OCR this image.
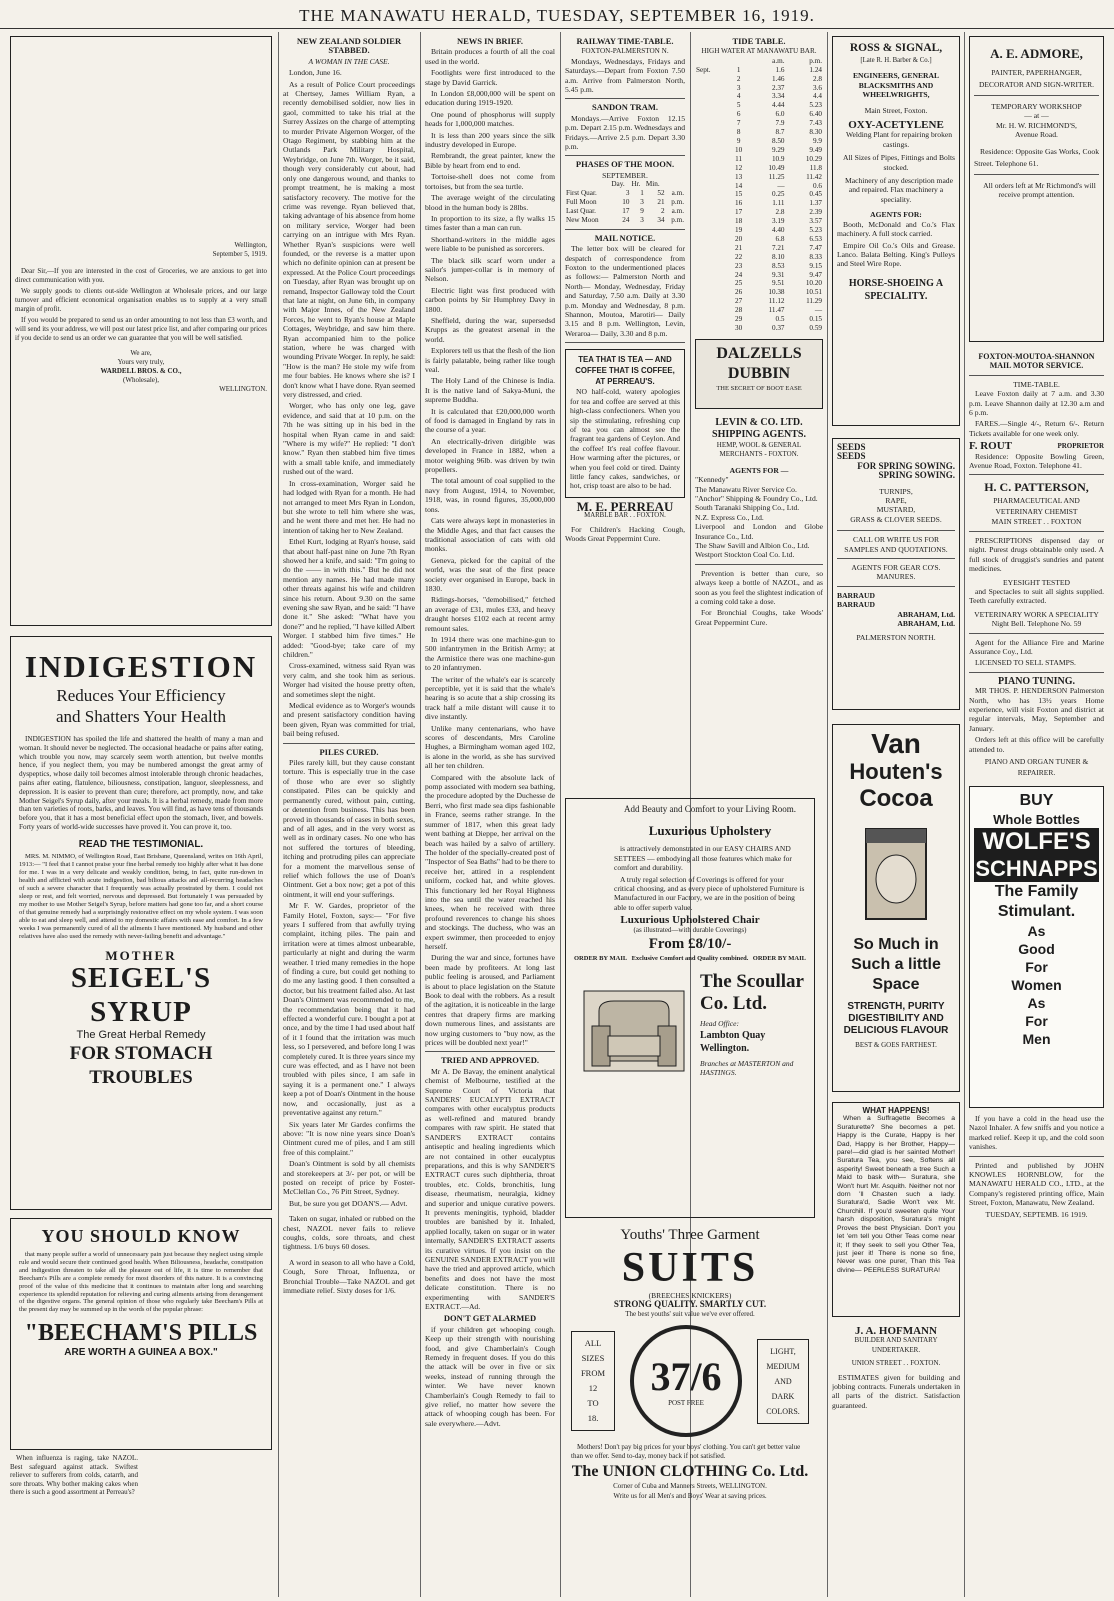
THE MANAWATU HERALD, TUESDAY, SEPTEMBER 16, 1919.
Wellington,
September 5, 1919.

Dear Sir,—If you are interested in the cost of Groceries, we are anxious to get into direct communication with you.

We supply goods to clients out-side Wellington at Wholesale prices, and our large turnover and efficient economical organisation enables us to supply at a very small margin of profit.

If you would be prepared to send us an order amounting to not less than £3 worth, and will send its your address, we will post our latest price list, and after comparing our prices if you decide to send us an order we can guarantee that you will be well satisfied.

We are,
Yours very truly,
WARDELL BROS. & CO.,
(Wholesale),
WELLINGTON.
INDIGESTION
Reduces Your Efficiency
and Shatters Your Health

INDIGESTION has spoiled the life and shattered the health of many a man and woman. It should never be neglected. The occasional headache or pains after eating, which trouble you now, may scarcely seem worth attention, but twelve months hence, if you neglect them, you may be numbered amongst the great army of dyspeptics, whose daily toil becomes almost intolerable through chronic headaches, pains after eating, flatulence, biliousness, constipation, languor, sleeplessness, and depression. It is easier to prevent than cure; therefore, act promptly, now, and take Mother Seigel's Syrup daily, after your meals. It is a herbal remedy, made from more than ten varieties of roots, barks, and leaves. You will find, as have tens of thousands before you, that it has a most beneficial effect upon the stomach, liver, and bowels. Forty years of world-wide successes have proved it. You can prove it, too.

READ THE TESTIMONIAL.

MRS. M. NIMMO, of Wellington Road, East Brisbane, Queensland, writes on 16th April, 1913:— "I feel that I cannot praise your fine herbal remedy too highly after what it has done for me. I was in a very delicate and weakly condition, being, in fact, quite run-down in health and afflicted with acute indigestion, bad bilious attacks and all-recurring headaches of such a severe character that I frequently was actually prostrated by them. I could not sleep or rest, and felt worried, nervous and depressed. But fortunately I was persuaded by my mother to use Mother Seigel's Syrup, before matters had gone too far, and a short course of that genuine remedy had a surprisingly restorative effect on my whole system. I was soon able to eat and sleep well, and attend to my domestic affairs with ease and comfort. In a few weeks I was permanently cured of all the ailments I have mentioned. My husband and other relatives have also used the remedy with never-failing benefit and advantage."

MOTHER
SEIGEL'S SYRUP
The Great Herbal Remedy
FOR STOMACH TROUBLES
YOU SHOULD KNOW

that many people suffer a world of unnecessary pain just because they neglect using simple rule and would secure their continued good health. When Biliousness, headache, constipation and indigestion threaten to take all the pleasure out of life, it is time to remember that Beecham's Pills are a complete remedy for most disorders of this nature. It is a convincing proof of the value of this medicine that it continues to maintain after long and searching experience its splendid reputation for relieving and curing ailments arising from derangement of the digestive organs. The general opinion of those who regularly take Beecham's Pills at the present day may be summed up in the words of the popular phrase:

"BEECHAM'S PILLS
ARE WORTH A GUINEA A BOX."

When influenza is raging, take NAZOL. Best safeguard against attack. Swiftest reliever to sufferers from colds, catarrh, and sore throats. Why bother making cakes when there is such a good assortment at Perreau's?

NEW ZEALAND SOLDIER STABBED.
A WOMAN IN THE CASE.

London, June 16.

As a result of Police Court proceedings at Chertsey, James William Ryan, a recently demobilised soldier, now lies in gaol, committed to take his trial at the Surrey Assizes on the charge of attempting to murder Private Algernon Worger, of the Otago Regiment, by stabbing him at the Outlands Park Military Hospital, Weybridge, on June 7th. Worger, be it said, though very considerably cut about, had only one dangerous wound, and thanks to prompt treatment, he is making a most satisfactory recovery. The motive for the crime was revenge. Ryan believed that, taking advantage of his absence from home on military service, Worger had been carrying on an intrigue with Mrs Ryan. Whether Ryan's suspicions were well founded, or the reverse is a matter upon which no definite opinion can at present be expressed. At the Police Court proceedings on Tuesday, after Ryan was brought up on remand, Inspector Galloway told the Court that late at night, on June 6th, in company with Major Innes, of the New Zealand Forces, he went to Ryan's house at Maple Cottages, Weybridge, and saw him there. Ryan accompanied him to the police station, where he was charged with wounding Private Worger. In reply, he said: "How is the man? He stole my wife from me four babies. He knows where she is? I don't know what I have done. Ryan seemed very distressed, and cried.

Worger, who has only one leg, gave evidence, and said that at 10 p.m. on the 7th he was sitting up in his bed in the hospital when Ryan came in and said: "Where is my wife?" He replied: "I don't know." Ryan then stabbed him five times with a small table knife, and immediately rushed out of the ward.

In cross-examination, Worger said he had lodged with Ryan for a month. He had not arranged to meet Mrs Ryan in London, but she wrote to tell him where she was, and he went there and met her. He had no intention of taking her to New Zealand.

Ethel Kurt, lodging at Ryan's house, said that about half-past nine on June 7th Ryan showed her a knife, and said: "I'm going to do the —— in with this." But he did not mention any names. He had made many other threats against his wife and children since his return. About 9.30 on the same evening she saw Ryan, and he said: "I have done it." She asked: "What have you done?" and he replied, "I have killed Albert Worger. I stabbed him five times." He added: "Good-bye; take care of my children."

Cross-examined, witness said Ryan was very calm, and she took him as serious. Worger had visited the house pretty often, and sometimes slept the night.

Medical evidence as to Worger's wounds and present satisfactory condition having been given, Ryan was committed for trial, bail being refused.

PILES CURED.

Piles rarely kill, but they cause constant torture. This is especially true in the case of those who are ever so slightly constipated. Piles can be quickly and permanently cured, without pain, cutting, or detention from business. This has been proved in thousands of cases in both sexes, and of all ages, and in the very worst as well as in ordinary cases. No one who has not suffered the tortures of bleeding, itching and protruding piles can appreciate for a moment the marvellous sense of relief which follows the use of Doan's Ointment. Get a box now; get a pot of this ointment, it will end your sufferings.

Mr F. W. Gardes, proprietor of the Family Hotel, Foxton, says:— "For five years I suffered from that awfully trying complaint, itching piles. The pain and irritation were at times almost unbearable, particularly at night and during the warm weather. I tried many remedies in the hope of finding a cure, but could get nothing to do me any lasting good. I then consulted a doctor, but his treatment failed also. At last Doan's Ointment was recommended to me, the recommendation being that it had effected a wonderful cure. I bought a pot at once, and by the time I had used about half of it I found that the irritation was much less, so I persevered, and before long I was completely cured. It is three years since my cure was effected, and as I have not been troubled with piles since, I am safe in saying it is a permanent one." I always keep a pot of Doan's Ointment in the house now, and occasionally, just as a preventative against any return."

Six years later Mr Gardes confirms the above: "It is now nine years since Doan's Ointment cured me of piles, and I am still free of this complaint."

Doan's Ointment is sold by all chemists and storekeepers at 3/- per pot, or will be posted on receipt of price by Foster-McClellan Co., 76 Pitt Street, Sydney.

But, be sure you get DOAN'S.— Advt.

Taken on sugar, inhaled or rubbed on the chest, NAZOL never fails to relieve coughs, colds, sore throats, and chest tightness. 1/6 buys 60 doses.

A word in season to all who have a Cold, Cough, Sore Throat, Influenza, or Bronchial Trouble—Take NAZOL and get immediate relief. Sixty doses for 1/6.

NEWS IN BRIEF.

Britain produces a fourth of all the coal used in the world.

Footlights were first introduced to the stage by David Garrick.

In London £8,000,000 will be spent on education during 1919-1920.

One pound of phosphorus will supply heads for 1,000,000 matches.

It is less than 200 years since the silk industry developed in Europe.

Rembrandt, the great painter, knew the Bible by heart from end to end.

Tortoise-shell does not come from tortoises, but from the sea turtle.

The average weight of the circulating blood in the human body is 28lbs.

In proportion to its size, a fly walks 15 times faster than a man can run.

Shorthand-writers in the middle ages were liable to be punished as sorcerers.

The black silk scarf worn under a sailor's jumper-collar is in memory of Nelson.

Electric light was first produced with carbon points by Sir Humphrey Davy in 1800.

Sheffield, during the war, supersedsd Krupps as the greatest arsenal in the world.

Explorers tell us that the flesh of the lion is fairly palatable, being rather like tough veal.

The Holy Land of the Chinese is India. It is the native land of Sakya-Muni, the supreme Buddha.

It is calculated that £20,000,000 worth of food is damaged in England by rats in the course of a year.

An electrically-driven dirigible was developed in France in 1882, when a motor weighing 96lb. was driven by twin propellers.

The total amount of coal supplied to the navy from August, 1914, to November, 1918, was, in round figures, 35,000,000 tons.

Cats were always kept in monasteries in the Middle Ages, and that fact causes the traditional association of cats with old monks.

Geneva, picked for the capital of the world, was the seat of the first peace society ever organised in Europe, back in 1830.

Ridings-horses, "demobilised," fetched an average of £31, mules £33, and heavy draught horses £102 each at recent army remount sales.

In 1914 there was one machine-gun to 500 infantrymen in the British Army; at the Armistice there was one machine-gun to 20 infantrymen.

The writer of the whale's ear is scarcely perceptible, yet it is said that the whale's hearing is so acute that a ship crossing its track half a mile distant will cause it to dive instantly.

Unlike many centenarians, who have scores of descendants, Mrs Caroline Hughes, a Birmingham woman aged 102, is alone in the world, as she has survived all her ten children.

Compared with the absolute lack of pomp associated with modern sea bathing, the procedure adopted by the Duchesse de Berri, who first made sea dips fashionable in France, seems rather strange. In the summer of 1817, when this great lady went bathing at Dieppe, her arrival on the beach was hailed by a salvo of artillery. The holder of the specially-created post of "Inspector of Sea Baths" had to be there to receive her, attired in a resplendent uniform, cocked hat, and white gloves. This functionary led her Royal Highness into the sea until the water reached his knees, when he received with three profound reverences to change his shoes and stockings. The duchess, who was an expert swimmer, then proceeded to enjoy herself.

During the war and since, fortunes have been made by profiteers. At long last public feeling is aroused, and Parliament is about to place legislation on the Statute Book to deal with the robbers. As a result of the agitation, it is noticeable in the large centres that drapery firms are marking down numerous lines, and assistants are now urging customers to "buy now, as the prices will be doubled next year!"

TRIED AND APPROVED.

Mr A. De Bavay, the eminent analytical chemist of Melbourne, testified at the Supreme Court of Victoria that SANDERS' EUCALYPTI EXTRACT compares with other eucalyptus products as well-refined and matured brandy compares with raw spirit. He stated that SANDER'S EXTRACT contains antiseptic and healing ingredients which are not contained in other eucalyptus preparations, and this is why SANDER'S EXTRACT cures such diphtheria, throat troubles, etc. Colds, bronchitis, lung disease, rheumatism, neuralgia, kidney and superior and unique curative powers. It prevents meningitis, typhoid, bladder troubles are banished by it. Inhaled, applied locally, taken on sugar or in water internally, SANDER'S EXTRACT asserts its curative virtues. If you insist on the GENUINE SANDER EXTRACT you will have the tried and approved article, which benefits and does not have the most delicate constitution. There is no experimenting with SANDER'S EXTRACT.—Ad.

DON'T GET ALARMED

if your children get whooping cough. Keep up their strength with nourishing food, and give Chamberlain's Cough Remedy in frequent doses. If you do this the attack will be over in five or six weeks, instead of running through the winter. We have never known Chamberlain's Cough Remedy to fail to give relief, no matter how severe the attack of whooping cough has been. For sale everywhere.—Advt.

RAILWAY TIME-TABLE.
FOXTON-PALMERSTON N.

Mondays, Wednesdays, Fridays and Saturdays.—Depart from Foxton 7.50 a.m. Arrive from Palmerston North, 5.45 p.m.

SANDON TRAM.

Mondays.—Arrive Foxton 12.15 p.m. Depart 2.15 p.m. Wednesdays and Fridays.—Arrive 2.5 p.m. Depart 3.30 p.m.

PHASES OF THE MOON.
SEPTEMBER.
	Day.	Hr.	Min.	
First Quar.	3	1	52	a.m.
Full Moon	10	3	21	p.m.
Last Quar.	17	9	2	a.m.
New Moon	24	3	34	p.m.
MAIL NOTICE.

The letter box will be cleared for despatch of correspondence from Foxton to the undermentioned places as follows:— Palmerston North and North— Monday, Wednesday, Friday and Saturday, 7.50 a.m. Daily at 3.30 p.m. Monday and Wednesday, 8 p.m. Shannon, Moutoa, Marotiri— Daily 3.15 and 8 p.m. Wellington, Levin, Weraroa— Daily, 3.30 and 8 p.m.

TEA THAT IS TEA — AND COFFEE THAT IS COFFEE, AT PERREAU'S.

NO half-cold, watery apologies for tea and coffee are served at this high-class confectioners. When you sip the stimulating, refreshing cup of tea you can almost see the fragrant tea gardens of Ceylon. And the coffee! It's real coffee flavour. How warming after the pictures, or when you feel cold or tired. Dainty little fancy cakes, sandwiches, or hot, crisp toast are also to be had.

M. E. PERREAU
MARBLE BAR . . FOXTON.

For Children's Hacking Cough, Woods Great Peppermint Cure.

TIDE TABLE.
HIGH WATER AT MANAWATU BAR.
		a.m.	p.m.
Sept.	1	1.6	1.24
	2	1.46	2.8
	3	2.37	3.6
	4	3.34	4.4
	5	4.44	5.23
	6	6.0	6.40
	7	7.9	7.43
	8	8.7	8.30
	9	8.50	9.9
	10	9.29	9.49
	11	10.9	10.29
	12	10.49	11.8
	13	11.25	11.42
	14	—	0.6
	15	0.25	0.45
	16	1.11	1.37
	17	2.8	2.39
	18	3.19	3.57
	19	4.40	5.23
	20	6.8	6.53
	21	7.21	7.47
	22	8.10	8.33
	23	8.53	9.15
	24	9.31	9.47
	25	9.51	10.20
	26	10.38	10.51
	27	11.12	11.29
	28	11.47	—
	29	0.5	0.15
	30	0.37	0.59
DALZELLS DUBBIN
THE SECRET OF BOOT EASE
LEVIN & CO. LTD. SHIPPING AGENTS.
HEMP, WOOL & GENERAL MERCHANTS - FOXTON.
AGENTS FOR —
"Kennedy"
The Manawatu River Service Co.
"Anchor" Shipping & Foundry Co., Ltd.
South Taranaki Shipping Co., Ltd.
N.Z. Express Co., Ltd.
Liverpool and London and Globe Insurance Co., Ltd.
The Shaw Savill and Albion Co., Ltd.
Westport Stockton Coal Co. Ltd.

Prevention is better than cure, so always keep a bottle of NAZOL, and as soon as you feel the slightest indication of a coming cold take a dose.

For Bronchial Coughs, take Woods' Great Peppermint Cure.

Add Beauty and Comfort to your Living Room.
Luxurious Upholstery

is attractively demonstrated in our EASY CHAIRS AND SETTEES — embodying all those features which make for comfort and durability.

A truly regal selection of Coverings is offered for your critical choosing, and as every piece of upholstered Furniture is Manufactured in our Factory, we are in the position of being able to offer superb value.

Luxurious Upholstered Chair
(as illustrated—with durable Coverings)
From £8/10/-
ORDER BY MAIL Exclusive Comfort and Quality combined. ORDER BY MAIL
The Scoullar Co. Ltd.
Head Office:
Lambton Quay Wellington.
Branches at MASTERTON and HASTINGS.
Youths' Three Garment
SUITS
(BREECHES KNICKERS)
STRONG QUALITY. SMARTLY CUT.
The best youths' suit value we've ever offered.
ALL
SIZES
FROM
12
TO
18.
37/6
POST FREE
LIGHT,
MEDIUM
AND
DARK
COLORS.

Mothers! Don't pay big prices for your boys' clothing. You can't get better value than we offer. Send to-day, money back if not satisfied.

The UNION CLOTHING Co. Ltd.
Corner of Cuba and Manners Streets, WELLINGTON.
Write us for all Men's and Boys' Wear at saving prices.
ROSS & SIGNAL,
[Late R. H. Barber & Co.]
ENGINEERS, GENERAL BLACKSMITHS AND WHEELWRIGHTS,
Main Street, Foxton.
OXY-ACETYLENE

Welding Plant for repairing broken castings.

All Sizes of Pipes, Fittings and Bolts stocked.

Machinery of any description made and repaired. Flax machinery a speciality.

AGENTS FOR:

Booth, McDonald and Co.'s Flax machinery. A full stock carried.

Empire Oil Co.'s Oils and Grease. Lanco. Balata Belting. King's Pulleys and Steel Wire Rope.

HORSE-SHOEING A SPECIALITY.
SEEDS
SEEDS
FOR SPRING SOWING.
SPRING SOWING.
TURNIPS,
RAPE,
MUSTARD,
GRASS & CLOVER SEEDS.
CALL OR WRITE US FOR SAMPLES AND QUOTATIONS.
AGENTS FOR GEAR CO'S. MANURES.
BARRAUD
BARRAUD
ABRAHAM, Ltd.
ABRAHAM, Ltd.
PALMERSTON NORTH.
Van
Houten's
Cocoa
So Much in Such a little Space
STRENGTH, PURITY DIGESTIBILITY AND DELICIOUS FLAVOUR
BEST & GOES FARTHEST.
WHAT HAPPENS!

When a Suffragette Becomes a Suraturette? She becomes a pet. Happy is the Curate, Happy is her Dad, Happy is her Brother, Happy—pare!—did glad is her sainted Mother! Suratura Tea, you see, Softens all asperity! Sweet beneath a tree Such a Maid to bask with— Suratura, she Won't hurt Mr. Asquith. Neither not nor dorn 'll Chasten such a lady. Suratura'd, Sadie Won't vex Mr. Churchill. If you'd sweeten quite Your harsh disposition, Suratura's might Proves the best Physician. Don't you let 'em tell you Other Teas come near it; If they seek to sell you Other Tea, just jeer it! There is none so fine, Never was one purer, Than this Tea divine— PEERLESS SURATURA!

J. A. HOFMANN
BUILDER AND SANITARY UNDERTAKER.
UNION STREET . . FOXTON.

ESTIMATES given for building and jobbing contracts. Funerals undertaken in all parts of the district. Satisfaction guaranteed.

A. E. ADMORE,
PAINTER, PAPERHANGER, DECORATOR AND SIGN-WRITER.
TEMPORARY WORKSHOP
— at —
Mr. H. W. RICHMOND'S,
Avenue Road.

Residence: Opposite Gas Works, Cook Street. Telephone 61.

All orders left at Mr Richmond's will receive prompt attention.

FOXTON-MOUTOA-SHANNON MAIL MOTOR SERVICE.
TIME-TABLE.

Leave Foxton daily at 7 a.m. and 3.30 p.m. Leave Shannon daily at 12.30 a.m and 6 p.m.

FARES.—Single 4/-, Return 6/-. Return Tickets available for one week only.

F. ROUT	PROPRIETOR

Residence: Opposite Bowling Green, Avenue Road, Foxton. Telephone 41.

H. C. PATTERSON,
PHARMACEUTICAL AND VETERINARY CHEMIST
MAIN STREET . . FOXTON

PRESCRIPTIONS dispensed day or night. Purest drugs obtainable only used. A full stock of druggist's sundries and patent medicines.

EYESIGHT TESTED

and Spectacles to suit all sights supplied. Teeth carefully extracted.

VETERINARY WORK A SPECIALITY
Night Bell. Telephone No. 59

Agent for the Alliance Fire and Marine Assurance Coy., Ltd.

LICENSED TO SELL STAMPS.

PIANO TUNING.

MR THOS. P. HENDERSON Palmerston North, who has 13½ years Home experience, will visit Foxton and district at regular intervals, May, September and January.

Orders left at this office will be carefully attended to.

PIANO AND ORGAN TUNER & REPAIRER.
BUY
Whole Bottles
WOLFE'S
SCHNAPPS
The Family
Stimulant.
As
Good
For
Women
As
For
Men

If you have a cold in the head use the Nazol Inhaler. A few sniffs and you notice a marked relief. Keep it up, and the cold soon vanishes.

Printed and published by JOHN KNOWLES HORNBLOW, for the MANAWATU HERALD CO., LTD., at the Company's registered printing office, Main Street, Foxton, Manawatu, New Zealand.

TUESDAY, SEPTEMB. 16 1919.
